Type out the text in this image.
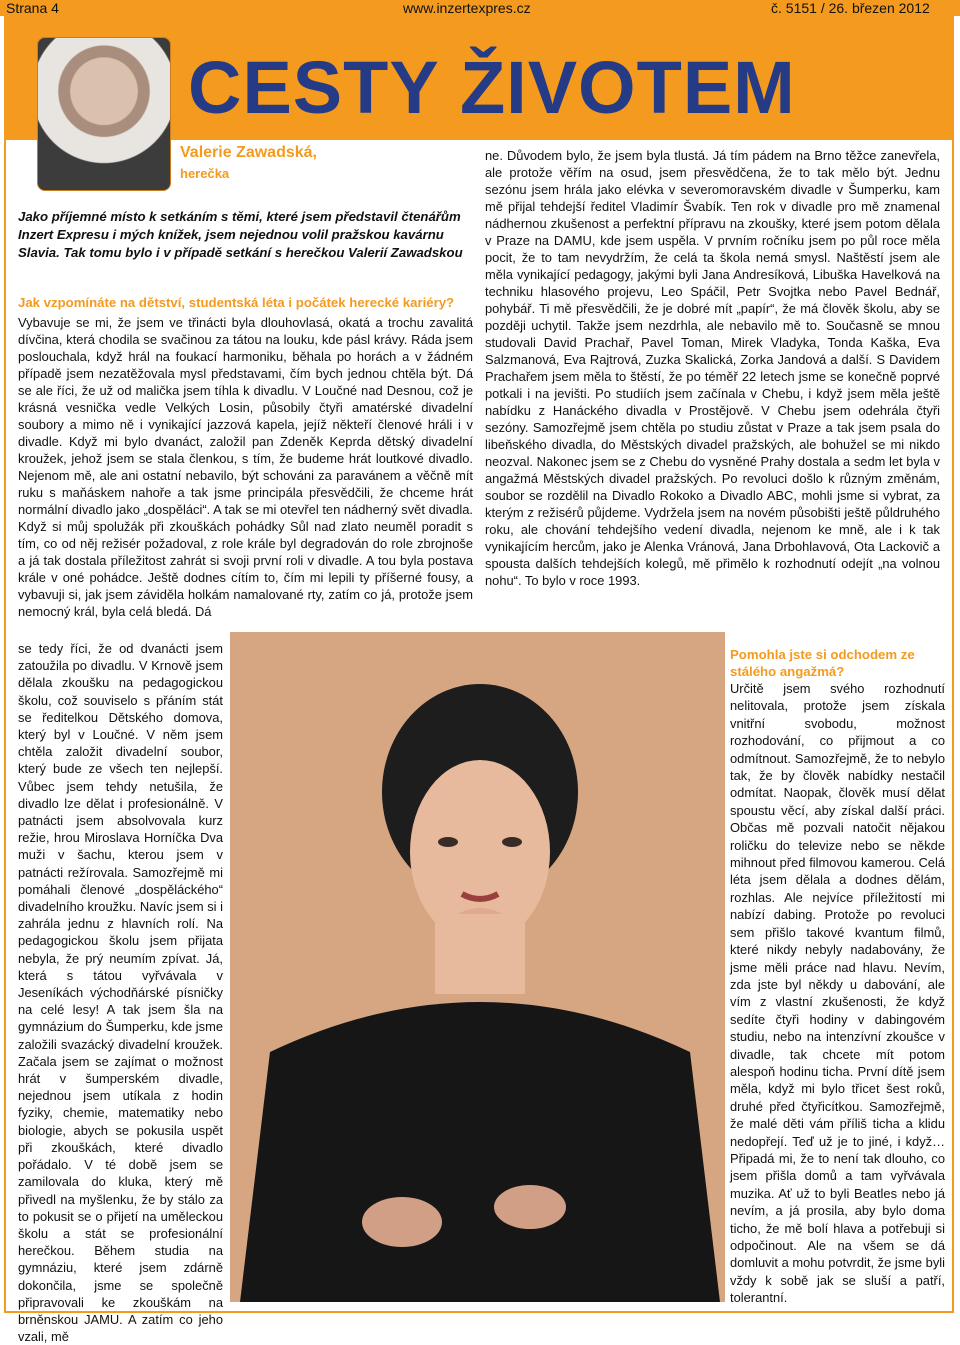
Strana 4	www.inzertexpres.cz	č. 5151 / 26. březen 2012
CESTY ŽIVOTEM
Valerie Zawadská,
herečka

Jako příjemné místo k setkáním s těmi, které jsem představil čtenářům Inzert Expresu i mých knížek, jsem nejednou volil pražskou kavárnu Slavia. Tak tomu bylo i v případě setkání s herečkou Valerií Zawadskou

Jak vzpomínáte na dětství, studentská léta i počátek herecké kariéry?

Vybavuje se mi, že jsem ve třinácti byla dlouhovlasá, okatá a trochu zavalitá dívčina, která chodila se svačinou za tátou na louku, kde pásl krávy. Ráda jsem poslouchala, když hrál na foukací harmoniku, běhala po horách a v žádném případě jsem nezatěžovala mysl představami, čím bych jednou chtěla být. Dá se ale říci, že už od malička jsem tíhla k divadlu. V Loučné nad Desnou, což je krásná vesnička vedle Velkých Losin, působily čtyři amatérské divadelní soubory a mimo ně i vynikající jazzová kapela, jejíž někteří členové hráli i v divadle. Když mi bylo dvanáct, založil pan Zdeněk Keprda dětský divadelní kroužek, jehož jsem se stala členkou, s tím, že budeme hrát loutkové divadlo. Nejenom mě, ale ani ostatní nebavilo, být schováni za paravánem a věčně mít ruku s maňáskem nahoře a tak jsme principála přesvědčili, že chceme hrát normální divadlo jako „dospěláci“. A tak se mi otevřel ten nádherný svět divadla. Když si můj spolužák při zkouškách pohádky Sůl nad zlato neuměl poradit s tím, co od něj režisér požadoval, z role krále byl degradován do role zbrojnoše a já tak dostala příležitost zahrát si svoji první roli v divadle. A tou byla postava krále v oné pohádce. Ještě dodnes cítím to, čím mi lepili ty příšerné fousy, a vybavuji si, jak jsem záviděla holkám namalované rty, zatím co já, protože jsem nemocný král, byla celá bledá. Dá

se tedy říci, že od dvanácti jsem zatoužila po divadlu. V Krnově jsem dělala zkoušku na pedagogickou školu, což souviselo s přáním stát se ředitelkou Dětského domova, který byl v Loučné. V něm jsem chtěla založit divadelní soubor, který bude ze všech ten nejlepší. Vůbec jsem tehdy netušila, že divadlo lze dělat i profesionálně. V patnácti jsem absolvovala kurz režie, hrou Miroslava Horníčka Dva muži v šachu, kterou jsem v patnácti režírovala. Samozřejmě mi pomáhali členové „dospěláckého“ divadelního kroužku. Navíc jsem si i zahrála jednu z hlavních rolí. Na pedagogickou školu jsem přijata nebyla, že prý neumím zpívat. Já, která s tátou vyřvávala v Jeseníkách východňárské písničky na celé lesy! A tak jsem šla na gymnázium do Šumperku, kde jsme založili svazácký divadelní kroužek. Začala jsem se zajímat o možnost hrát v šumperském divadle, nejednou jsem utíkala z hodin fyziky, chemie, matematiky nebo biologie, abych se pokusila uspět při zkouškách, které divadlo pořádalo. V té době jsem se zamilovala do kluka, který mě přivedl na myšlenku, že by stálo za to pokusit se o přijetí na uměleckou školu a stát se profesionální herečkou. Během studia na gymnáziu, které jsem zdárně dokončila, jsme se společně připravovali ke zkouškám na brněnskou JAMU. A zatím co jeho vzali, mě

ne. Důvodem bylo, že jsem byla tlustá. Já tím pádem na Brno těžce zanevřela, ale protože věřím na osud, jsem přesvědčena, že to tak mělo být. Jednu sezónu jsem hrála jako elévka v severomoravském divadle v Šumperku, kam mě přijal tehdejší ředitel Vladimír Švabík. Ten rok v divadle pro mě znamenal nádhernou zkušenost a perfektní přípravu na zkoušky, které jsem potom dělala v Praze na DAMU, kde jsem uspěla. V prvním ročníku jsem po půl roce měla pocit, že to tam nevydržím, že celá ta škola nemá smysl. Naštěstí jsem ale měla vynikající pedagogy, jakými byli Jana Andresíková, Libuška Havelková na techniku hlasového projevu, Leo Spáčil, Petr Svojtka nebo Pavel Bednář, pohybář. Ti mě přesvědčili, že je dobré mít „papír“, že má člověk školu, aby se později uchytil. Takže jsem nezdrhla, ale nebavilo mě to. Současně se mnou studovali David Prachař, Pavel Toman, Mirek Vladyka, Tonda Kaška, Eva Salzmanová, Eva Rajtrová, Zuzka Skalická, Zorka Jandová a další. S Davidem Prachařem jsem měla to štěstí, že po téměř 22 letech jsme se konečně poprvé potkali i na jevišti. Po studiích jsem začínala v Chebu, i když jsem měla ještě nabídku z Hanáckého divadla v Prostějově. V Chebu jsem odehrála čtyři sezóny. Samozřejmě jsem chtěla po studiu zůstat v Praze a tak jsem psala do libeňského divadla, do Městských divadel pražských, ale bohužel se mi nikdo neozval. Nakonec jsem se z Chebu do vysněné Prahy dostala a sedm let byla v angažmá Městských divadel pražských. Po revoluci došlo k různým změnám, soubor se rozdělil na Divadlo Rokoko a Divadlo ABC, mohli jsme si vybrat, za kterým z režisérů půjdeme. Vydržela jsem na novém působišti ještě půldruhého roku, ale chování tehdejšího vedení divadla, nejenom ke mně, ale i k tak vynikajícím hercům, jako je Alenka Vránová, Jana Drbohlavová, Ota Lackovič a spousta dalších tehdejších kolegů, mě přimělo k rozhodnutí odejít „na volnou nohu“. To bylo v roce 1993.

Pomohla jste si odchodem ze stálého angažmá?

Určitě jsem svého rozhodnutí nelitovala, protože jsem získala vnitřní svobodu, možnost rozhodování, co přijmout a co odmítnout. Samozřejmě, že to nebylo tak, že by člověk nabídky nestačil odmítat. Naopak, člověk musí dělat spoustu věcí, aby získal další práci. Občas mě pozvali natočit nějakou roličku do televize nebo se někde mihnout před filmovou kamerou. Celá léta jsem dělala a dodnes dělám, rozhlas. Ale nejvíce příležitostí mi nabízí dabing. Protože po revoluci sem přišlo takové kvantum filmů, které nikdy nebyly nadabovány, že jsme měli práce nad hlavu. Nevím, zda jste byl někdy u dabování, ale vím z vlastní zkušenosti, že když sedíte čtyři hodiny v dabingovém studiu, nebo na intenzívní zkoušce v divadle, tak chcete mít potom alespoň hodinu ticha. První dítě jsem měla, když mi bylo třicet šest roků, druhé před čtyřicítkou. Samozřejmě, že malé děti vám příliš ticha a klidu nedopřejí. Teď už je to jiné, i když… Připadá mi, že to není tak dlouho, co jsem přišla domů a tam vyřvávala muzika. Ať už to byli Beatles nebo já nevím, a já prosila, aby bylo doma ticho, že mě bolí hlava a potřebuji si odpočinout. Ale na všem se dá domluvit a mohu potvrdit, že jsme byli vždy k sobě jak se sluší a patří, tolerantní.
